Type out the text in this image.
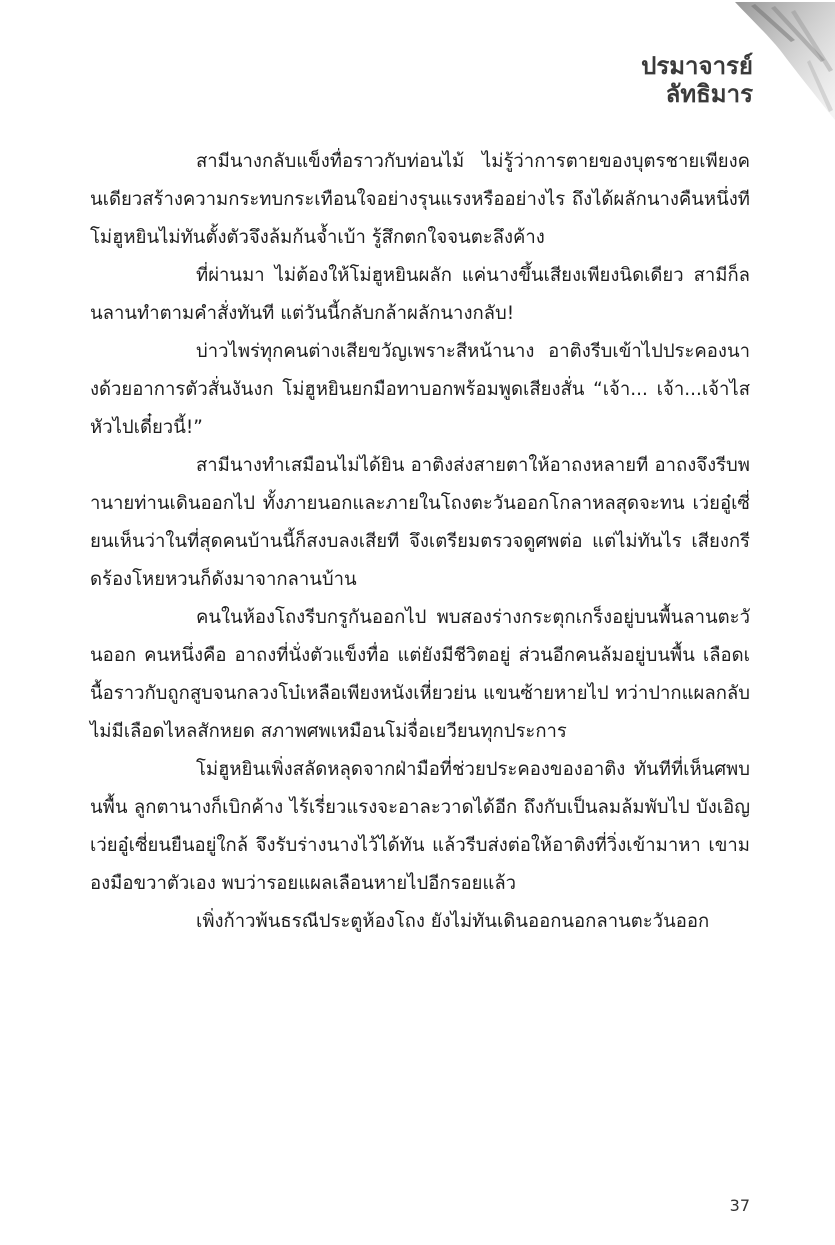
ปรมาจารย์
ลัทธิมาร

สามีนางกลับแข็งทื่อราวกับท่อนไม้ ไม่รู้ว่าการตายของบุตรชายเพียงคนเดียวสร้างความกระทบกระเทือนใจอย่างรุนแรงหรืออย่างไร ถึงได้ผลักนางคืนหนึ่งที โม่ฮูหยินไม่ทันตั้งตัวจึงล้มก้นจ้ำเบ้า รู้สึกตกใจจนตะลึงค้าง

ที่ผ่านมา ไม่ต้องให้โม่ฮูหยินผลัก แค่นางขึ้นเสียงเพียงนิดเดียว สามีก็ลนลานทำตามคำสั่งทันที แต่วันนี้กลับกล้าผลักนางกลับ!

บ่าวไพร่ทุกคนต่างเสียขวัญเพราะสีหน้านาง อาติงรีบเข้าไปประคองนางด้วยอาการตัวสั่นงันงก โม่ฮูหยินยกมือทาบอกพร้อมพูดเสียงสั่น “เจ้า... เจ้า...เจ้าไสหัวไปเดี๋ยวนี้!”

สามีนางทำเสมือนไม่ได้ยิน อาติงส่งสายตาให้อาถงหลายที อาถงจึงรีบพานายท่านเดินออกไป ทั้งภายนอกและภายในโถงตะวันออกโกลาหลสุดจะทน เว่ยอู๋เซี่ยนเห็นว่าในที่สุดคนบ้านนี้ก็สงบลงเสียที จึงเตรียมตรวจดูศพต่อ แต่ไม่ทันไร เสียงกรีดร้องโหยหวนก็ดังมาจากลานบ้าน

คนในห้องโถงรีบกรูกันออกไป พบสองร่างกระตุกเกร็งอยู่บนพื้นลานตะวันออก คนหนึ่งคือ อาถงที่นั่งตัวแข็งทื่อ แต่ยังมีชีวิตอยู่ ส่วนอีกคนล้มอยู่บนพื้น เลือดเนื้อราวกับถูกสูบจนกลวงโบ๋เหลือเพียงหนังเหี่ยวย่น แขนซ้ายหายไป ทว่าปากแผลกลับไม่มีเลือดไหลสักหยด สภาพศพเหมือนโม่จื่อเยวียนทุกประการ

โม่ฮูหยินเพิ่งสลัดหลุดจากฝ่ามือที่ช่วยประคองของอาติง ทันทีที่เห็นศพบนพื้น ลูกตานางก็เบิกค้าง ไร้เรี่ยวแรงจะอาละวาดได้อีก ถึงกับเป็นลมล้มพับไป บังเอิญเว่ยอู๋เซี่ยนยืนอยู่ใกล้ จึงรับร่างนางไว้ได้ทัน แล้วรีบส่งต่อให้อาติงที่วิ่งเข้ามาหา เขามองมือขวาตัวเอง พบว่ารอยแผลเลือนหายไปอีกรอยแล้ว

เพิ่งก้าวพ้นธรณีประตูห้องโถง ยังไม่ทันเดินออกนอกลานตะวันออก

37
